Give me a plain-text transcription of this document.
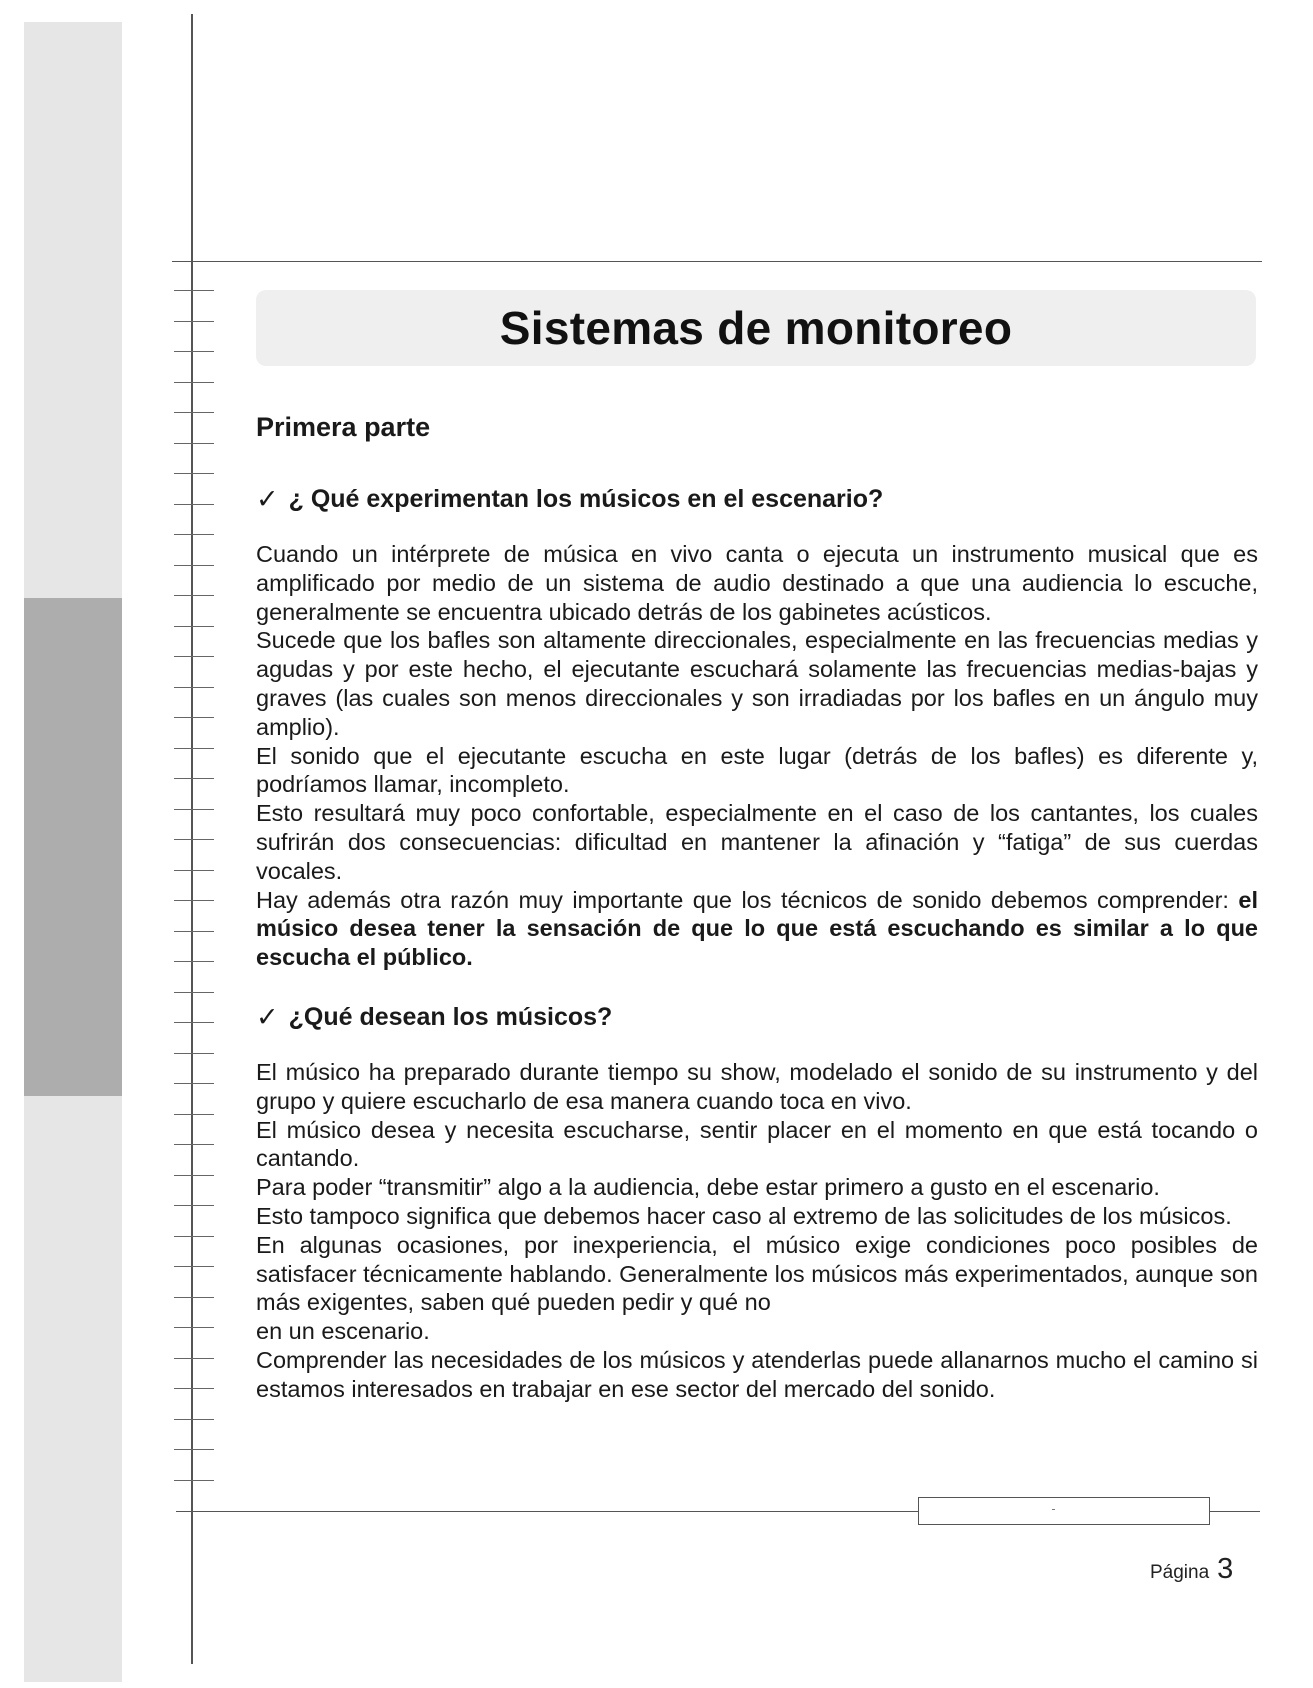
Sistemas de monitoreo
Primera parte
✓ ¿ Qué experimentan los músicos en el escenario?

Cuando un intérprete de música en vivo canta o ejecuta un instrumento musical que es amplificado por medio de un sistema de audio destinado a que una audiencia lo escuche, generalmente se encuentra ubicado detrás de los gabinetes acústicos.

Sucede que los bafles son altamente direccionales, especialmente en las frecuencias medias y agudas y por este hecho, el ejecutante escuchará solamente las frecuencias medias-bajas y graves (las cuales son menos direccionales y son irradiadas por los bafles en un ángulo muy amplio).

El sonido que el ejecutante escucha en este lugar (detrás de los bafles) es diferente y, podríamos llamar, incompleto.

Esto resultará muy poco confortable, especialmente en el caso de los cantantes, los cuales sufrirán dos consecuencias: dificultad en mantener la afinación y “fatiga” de sus cuerdas vocales.

Hay además otra razón muy importante que los técnicos de sonido debemos comprender: el músico desea tener la sensación de que lo que está escuchando es similar a lo que escucha el público.

✓ ¿Qué desean los músicos?

El músico ha preparado durante tiempo su show, modelado el sonido de su instrumento y del grupo y quiere escucharlo de esa manera cuando toca en vivo.

El músico desea y necesita escucharse, sentir placer en el momento en que está tocando o cantando.

Para poder “transmitir” algo a la audiencia, debe estar primero a gusto en el escenario.

Esto tampoco significa que debemos hacer caso al extremo de las solicitudes de los músicos.

En algunas ocasiones, por inexperiencia, el músico exige condiciones poco posibles de satisfacer técnicamente hablando. Generalmente los músicos más experimentados, aunque son más exigentes, saben qué pueden pedir y qué no

en un escenario.

Comprender las necesidades de los músicos y atenderlas puede allanarnos mucho el camino si estamos interesados en trabajar en ese sector del mercado del sonido.

Página 3
